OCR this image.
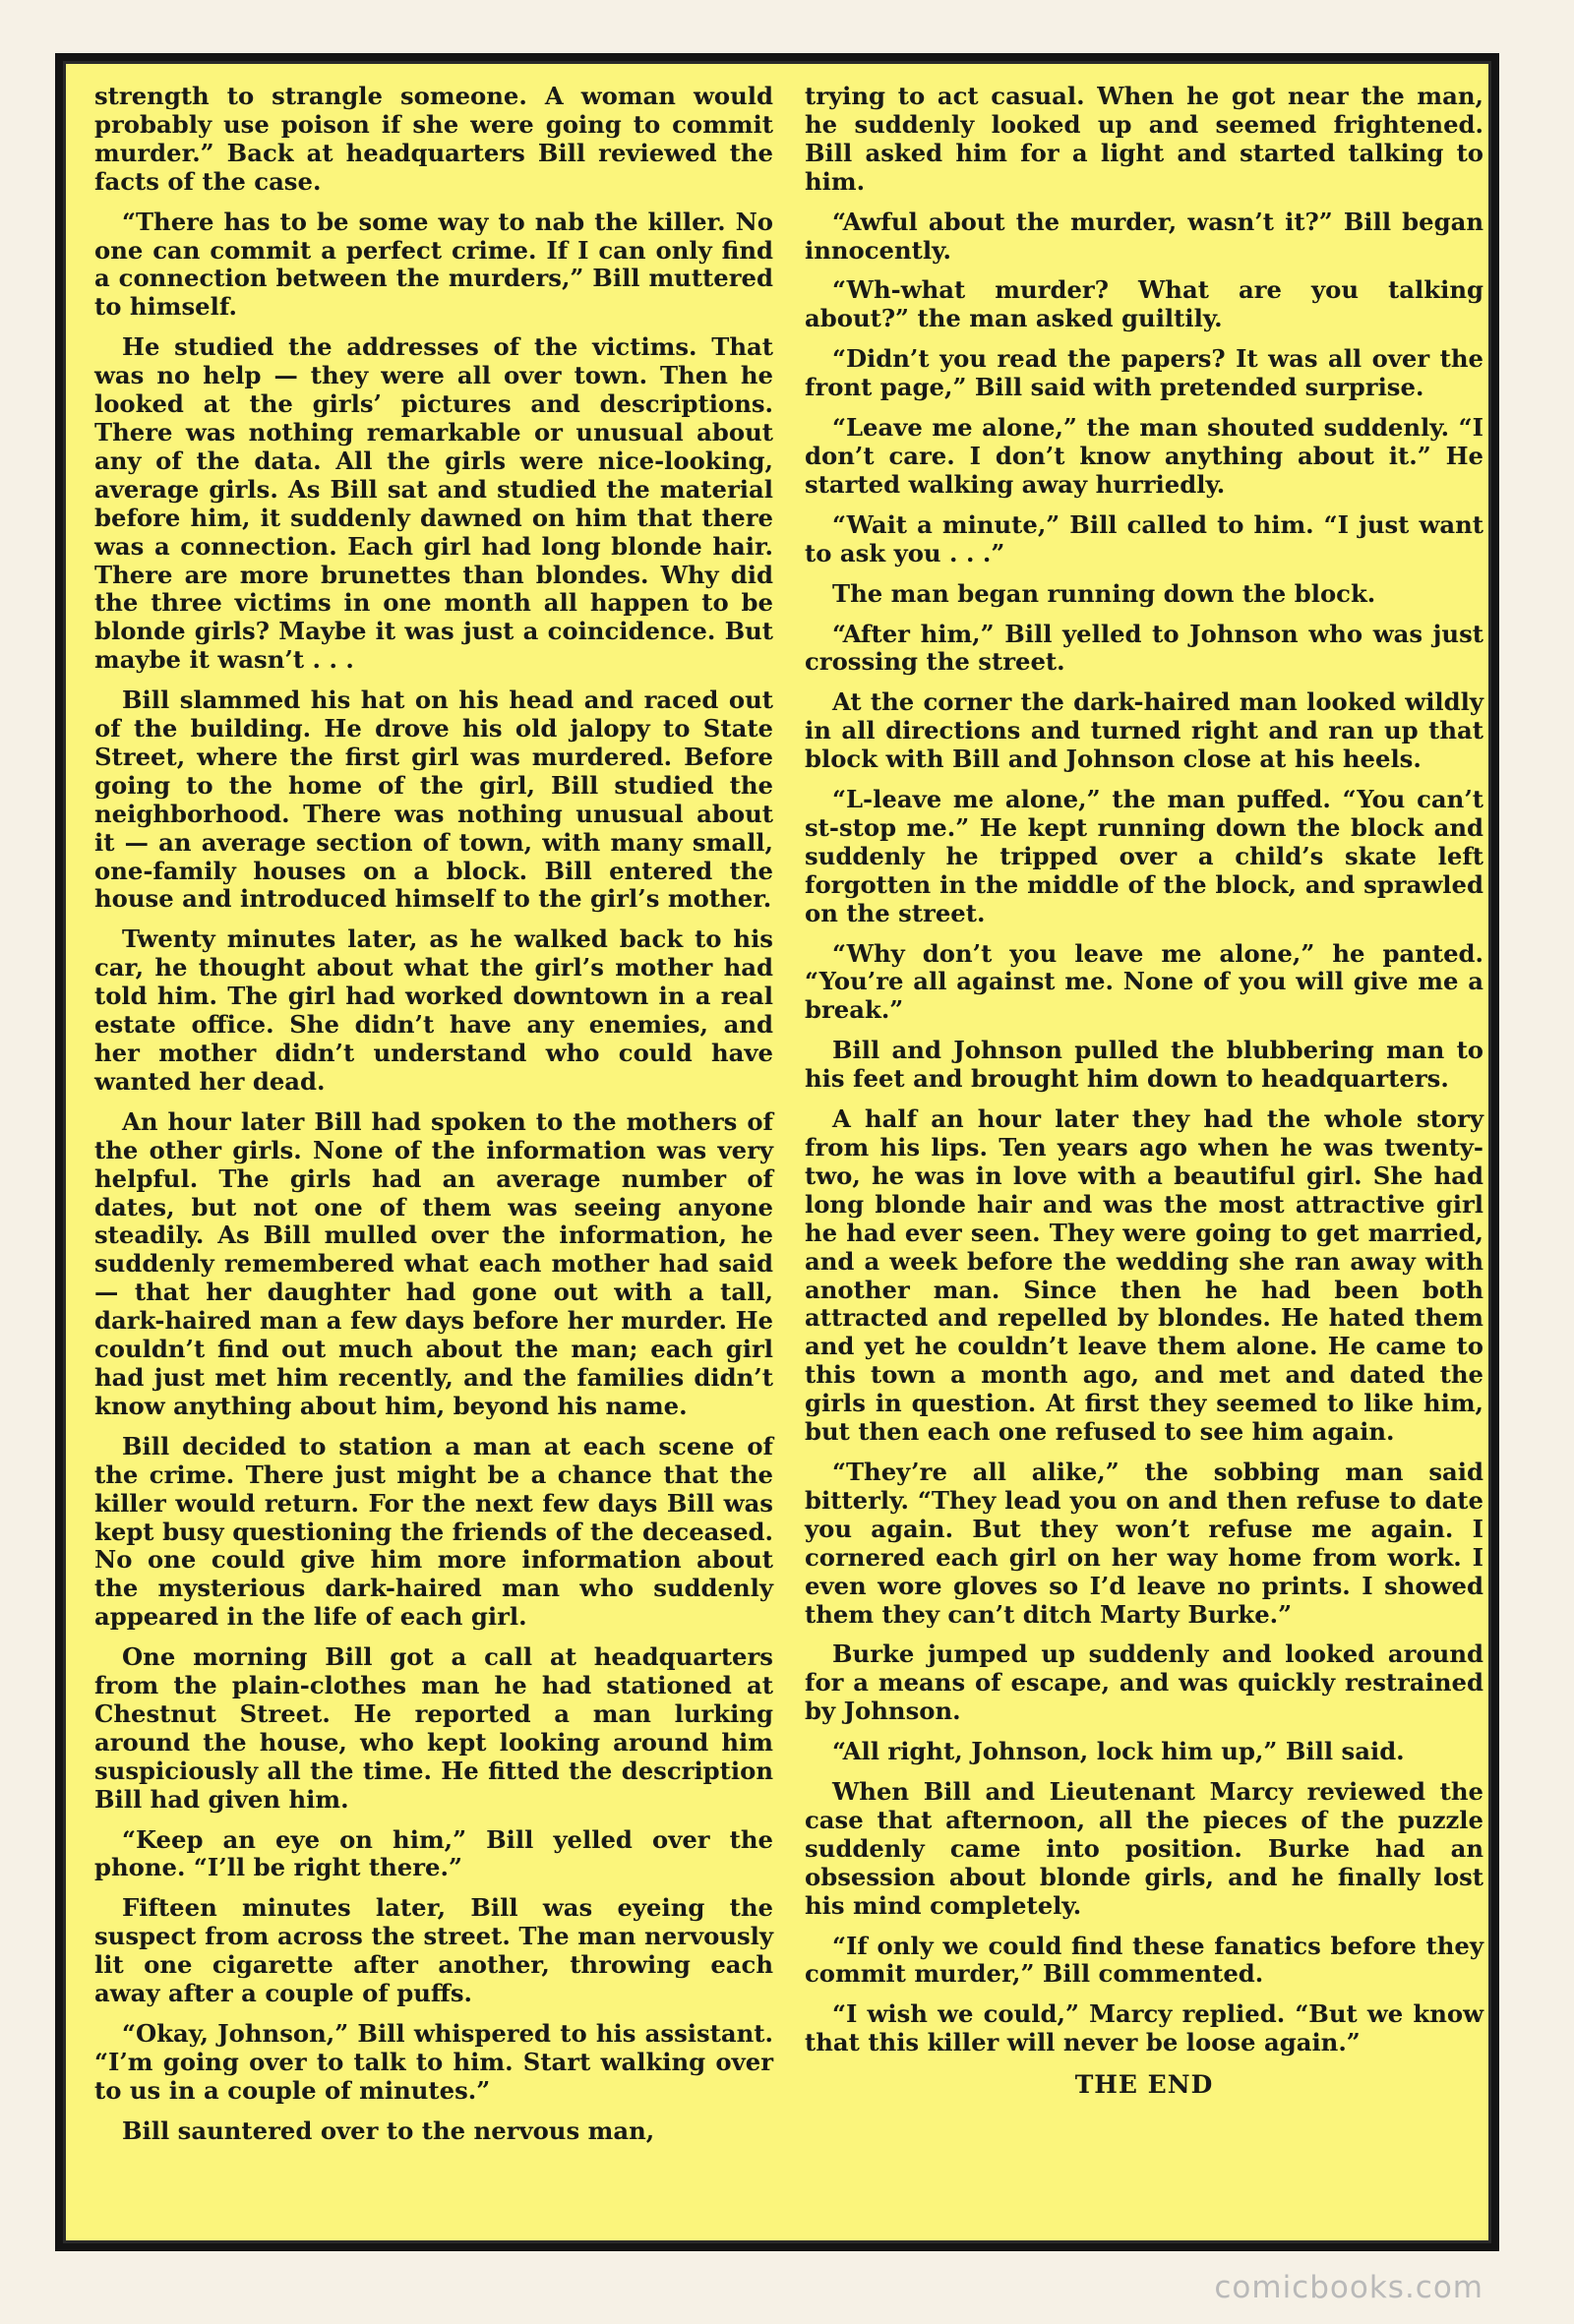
strength to strangle someone. A woman would probably use poison if she were going to commit murder.” Back at headquarters Bill reviewed the facts of the case.

“There has to be some way to nab the killer. No one can commit a perfect crime. If I can only find a connection between the murders,” Bill muttered to himself.

He studied the addresses of the victims. That was no help — they were all over town. Then he looked at the girls’ pictures and descriptions. There was nothing remarkable or unusual about any of the data. All the girls were nice-looking, average girls. As Bill sat and studied the material before him, it suddenly dawned on him that there was a connection. Each girl had long blonde hair. There are more brunettes than blondes. Why did the three victims in one month all happen to be blonde girls? Maybe it was just a coincidence. But maybe it wasn’t . . .

Bill slammed his hat on his head and raced out of the building. He drove his old jalopy to State Street, where the first girl was murdered. Before going to the home of the girl, Bill studied the neighborhood. There was nothing unusual about it — an average section of town, with many small, one-family houses on a block. Bill entered the house and introduced himself to the girl’s mother.

Twenty minutes later, as he walked back to his car, he thought about what the girl’s mother had told him. The girl had worked downtown in a real estate office. She didn’t have any enemies, and her mother didn’t understand who could have wanted her dead.

An hour later Bill had spoken to the mothers of the other girls. None of the information was very helpful. The girls had an average number of dates, but not one of them was seeing anyone steadily. As Bill mulled over the information, he suddenly remembered what each mother had said — that her daughter had gone out with a tall, dark-haired man a few days before her murder. He couldn’t find out much about the man; each girl had just met him recently, and the families didn’t know anything about him, beyond his name.

Bill decided to station a man at each scene of the crime. There just might be a chance that the killer would return. For the next few days Bill was kept busy questioning the friends of the deceased. No one could give him more information about the mysterious dark-haired man who suddenly appeared in the life of each girl.

One morning Bill got a call at headquarters from the plain-clothes man he had stationed at Chestnut Street. He reported a man lurking around the house, who kept looking around him suspiciously all the time. He fitted the description Bill had given him.

“Keep an eye on him,” Bill yelled over the phone. “I’ll be right there.”

Fifteen minutes later, Bill was eyeing the suspect from across the street. The man nervously lit one cigarette after another, throwing each away after a couple of puffs.

“Okay, Johnson,” Bill whispered to his assistant. “I’m going over to talk to him. Start walking over to us in a couple of minutes.”

Bill sauntered over to the nervous man,

trying to act casual. When he got near the man, he suddenly looked up and seemed frightened. Bill asked him for a light and started talking to him.

“Awful about the murder, wasn’t it?” Bill began innocently.

“Wh-what murder? What are you talking about?” the man asked guiltily.

“Didn’t you read the papers? It was all over the front page,” Bill said with pretended surprise.

“Leave me alone,” the man shouted suddenly. “I don’t care. I don’t know anything about it.” He started walking away hurriedly.

“Wait a minute,” Bill called to him. “I just want to ask you . . .”

The man began running down the block.

“After him,” Bill yelled to Johnson who was just crossing the street.

At the corner the dark-haired man looked wildly in all directions and turned right and ran up that block with Bill and Johnson close at his heels.

“L-leave me alone,” the man puffed. “You can’t st-stop me.” He kept running down the block and suddenly he tripped over a child’s skate left forgotten in the middle of the block, and sprawled on the street.

“Why don’t you leave me alone,” he panted. “You’re all against me. None of you will give me a break.”

Bill and Johnson pulled the blubbering man to his feet and brought him down to headquarters.

A half an hour later they had the whole story from his lips. Ten years ago when he was twenty-two, he was in love with a beautiful girl. She had long blonde hair and was the most attractive girl he had ever seen. They were going to get married, and a week before the wedding she ran away with another man. Since then he had been both attracted and repelled by blondes. He hated them and yet he couldn’t leave them alone. He came to this town a month ago, and met and dated the girls in question. At first they seemed to like him, but then each one refused to see him again.

“They’re all alike,” the sobbing man said bitterly. “They lead you on and then refuse to date you again. But they won’t refuse me again. I cornered each girl on her way home from work. I even wore gloves so I’d leave no prints. I showed them they can’t ditch Marty Burke.”

Burke jumped up suddenly and looked around for a means of escape, and was quickly restrained by Johnson.

“All right, Johnson, lock him up,” Bill said.

When Bill and Lieutenant Marcy reviewed the case that afternoon, all the pieces of the puzzle suddenly came into position. Burke had an obsession about blonde girls, and he finally lost his mind completely.

“If only we could find these fanatics before they commit murder,” Bill commented.

“I wish we could,” Marcy replied. “But we know that this killer will never be loose again.”

THE END

comicbooks.com
